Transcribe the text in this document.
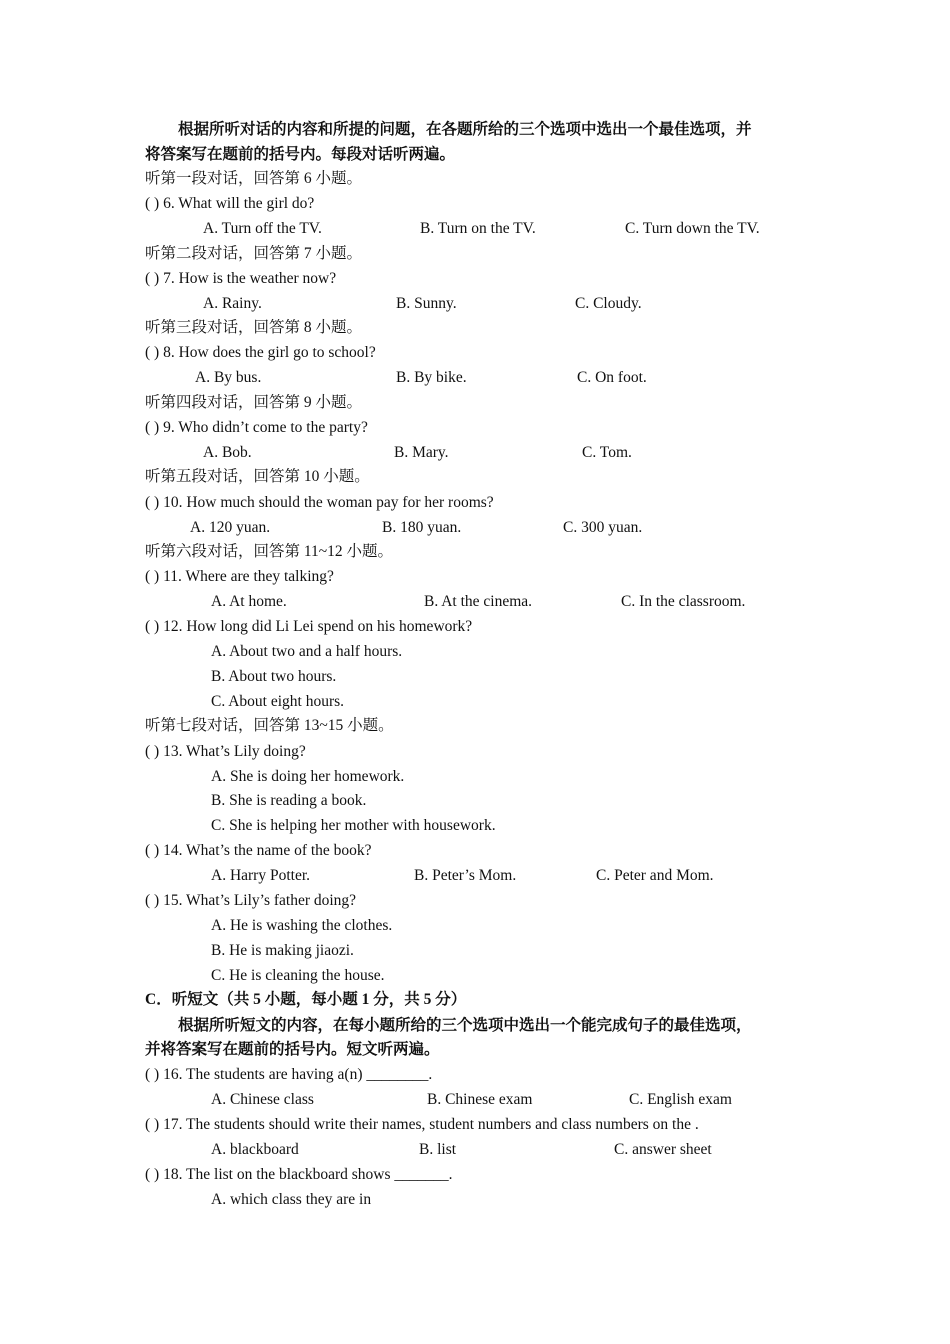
根据所听对话的内容和所提的问题，在各题所给的三个选项中选出一个最佳选项，并
将答案写在题前的括号内。每段对话听两遍。
听第一段对话，回答第 6 小题。
( ) 6. What will the girl do?
A. Turn off the TV.	B. Turn on the TV.	C. Turn down the TV.
听第二段对话，回答第 7 小题。
( ) 7. How is the weather now?
A. Rainy.	B. Sunny.	C. Cloudy.
听第三段对话，回答第 8 小题。
( ) 8. How does the girl go to school?
A. By bus.	B. By bike.	C. On foot.
听第四段对话，回答第 9 小题。
( ) 9. Who didn’t come to the party?
A. Bob.	B. Mary.	C. Tom.
听第五段对话，回答第 10 小题。
( ) 10. How much should the woman pay for her rooms?
A. 120 yuan.	B. 180 yuan.	C. 300 yuan.
听第六段对话，回答第 11~12 小题。
( ) 11. Where are they talking?
A. At home.	B. At the cinema.	C. In the classroom.
( ) 12. How long did Li Lei spend on his homework?
A. About two and a half hours.
B. About two hours.
C. About eight hours.
听第七段对话，回答第 13~15 小题。
( ) 13. What’s Lily doing?
A. She is doing her homework.
B. She is reading a book.
C. She is helping her mother with housework.
( ) 14. What’s the name of the book?
A. Harry Potter.	B. Peter’s Mom.	C. Peter and Mom.
( ) 15. What’s Lily’s father doing?
A. He is washing the clothes.
B. He is making jiaozi.
C. He is cleaning the house.
C．听短文（共 5 小题，每小题 1 分，共 5 分）
根据所听短文的内容，在每小题所给的三个选项中选出一个能完成句子的最佳选项，
并将答案写在题前的括号内。短文听两遍。
( ) 16. The students are having a(n) ________.
A. Chinese class	B. Chinese exam	C. English exam
( ) 17. The students should write their names, student numbers and class numbers on the .
A. blackboard	B. list	C. answer sheet
( ) 18. The list on the blackboard shows _______.
A. which class they are in
